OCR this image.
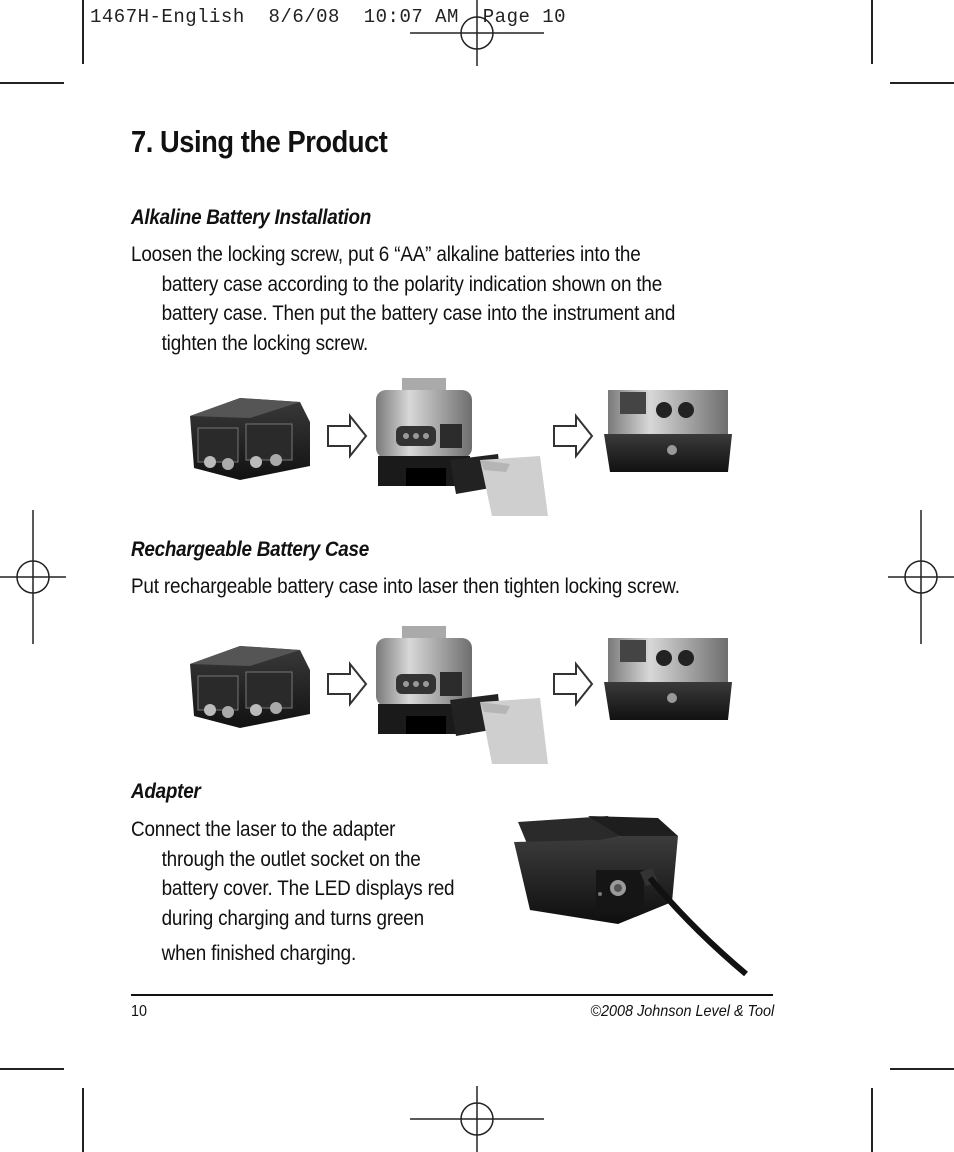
1467H-English  8/6/08  10:07 AM  Page 10
7. Using the Product
Alkaline Battery Installation

Loosen the locking screw, put 6 “AA” alkaline batteries into the
battery case according to the polarity indication shown on the
battery case. Then put the battery case into the instrument and
tighten the locking screw.

Rechargeable Battery Case

Put rechargeable battery case into laser then tighten locking screw.

Adapter

Connect the laser to the adapter
through the outlet socket on the
battery cover. The LED displays red
during charging and turns green
when finished charging.

10	©2008 Johnson Level & Tool
